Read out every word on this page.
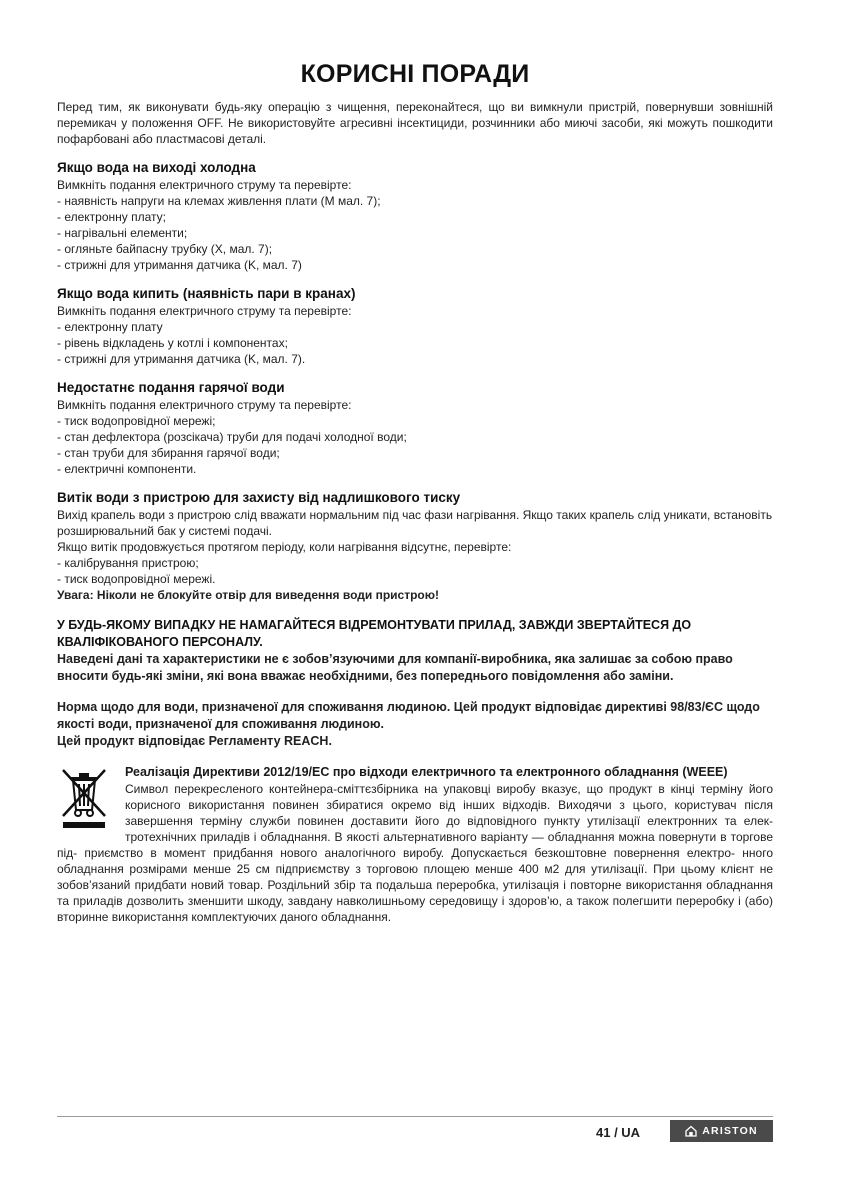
КОРИСНІ ПОРАДИ

Перед тим, як виконувати будь-яку операцію з чищення, переконайтеся, що ви вимкнули пристрій, повернувши зовнішній перемикач у положення OFF. Не використовуйте агресивні інсектициди, розчинники або миючі засоби, які можуть пошкодити пофарбовані або пластмасові деталі.

Якщо вода на виході холодна

Вимкніть подання електричного струму та перевірте:

- наявність напруги на клемах живлення плати (M мал. 7);

- електронну плату;

- нагрівальні елементи;

- огляньте байпасну трубку (X, мал. 7);

- стрижні для утримання датчика (K, мал. 7)

Якщо вода кипить (наявність пари в кранах)

Вимкніть подання електричного струму та перевірте:

- електронну плату

- рівень відкладень у котлі і компонентах;

- стрижні для утримання датчика (K, мал. 7).

Недостатнє подання гарячої води

Вимкніть подання електричного струму та перевірте:

- тиск водопровідної мережі;

- стан дефлектора (розсікача) труби для подачі холодної води;

- стан труби для збирання гарячої води;

- електричні компоненти.

Витік води з пристрою для захисту від надлишкового тиску

Вихід крапель води з пристрою слід вважати нормальним під час фази нагрівання. Якщо таких крапель слід уникати, встановіть розширювальний бак у системі подачі.

Якщо витік продовжується протягом періоду, коли нагрівання відсутнє, перевірте:

- калібрування пристрою;

- тиск водопровідної мережі.

Увага: Ніколи не блокуйте отвір для виведення води пристрою!

У БУДЬ-ЯКОМУ ВИПАДКУ НЕ НАМАГАЙТЕСЯ ВІДРЕМОНТУВАТИ ПРИЛАД, ЗАВЖДИ ЗВЕРТАЙТЕСЯ ДО КВАЛІФІКОВАНОГО ПЕРСОНАЛУ.

Наведені дані та характеристики не є зобов’язуючими для компанії-виробника, яка залишає за собою право вносити будь-які зміни, які вона вважає необхідними, без попереднього повідомлення або заміни.

Норма щодо для води, призначеної для споживання людиною. Цей продукт відповідає директиві 98/83/ЄС щодо якості води, призначеної для споживання людиною.

Цей продукт відповідає Регламенту REACH.

Реалізація Директиви 2012/19/EC про відходи електричного та електронного обладнання (WEEE)

Символ перекресленого контейнера-сміттєзбірника на упаковці виробу вказує, що продукт в кінці терміну його корисного використання повинен збиратися окремо від інших відходів. Виходячи з цього, користувач після завершення терміну служби повинен доставити його до відповідного пункту утилізації електронних та елек- тротехнічних приладів і обладнання. В якості альтернативного варіанту — обладнання можна повернути в торгове під- приємство в момент придбання нового аналогічного виробу. Допускається безкоштовне повернення електро- нного обладнання розмірами менше 25 см підприємству з торговою площею менше 400 м2 для утилізації. При цьому клієнт не зобов’язаний придбати новий товар. Роздільний збір та подальша переробка, утилізація і повторне використання обладнання та приладів дозволить зменшити шкоду, завдану навколишньому середовищу і здоров’ю, а також полегшити переробку і (або) вторинне використання комплектуючих даного обладнання.

41 / UA	ARISTON
